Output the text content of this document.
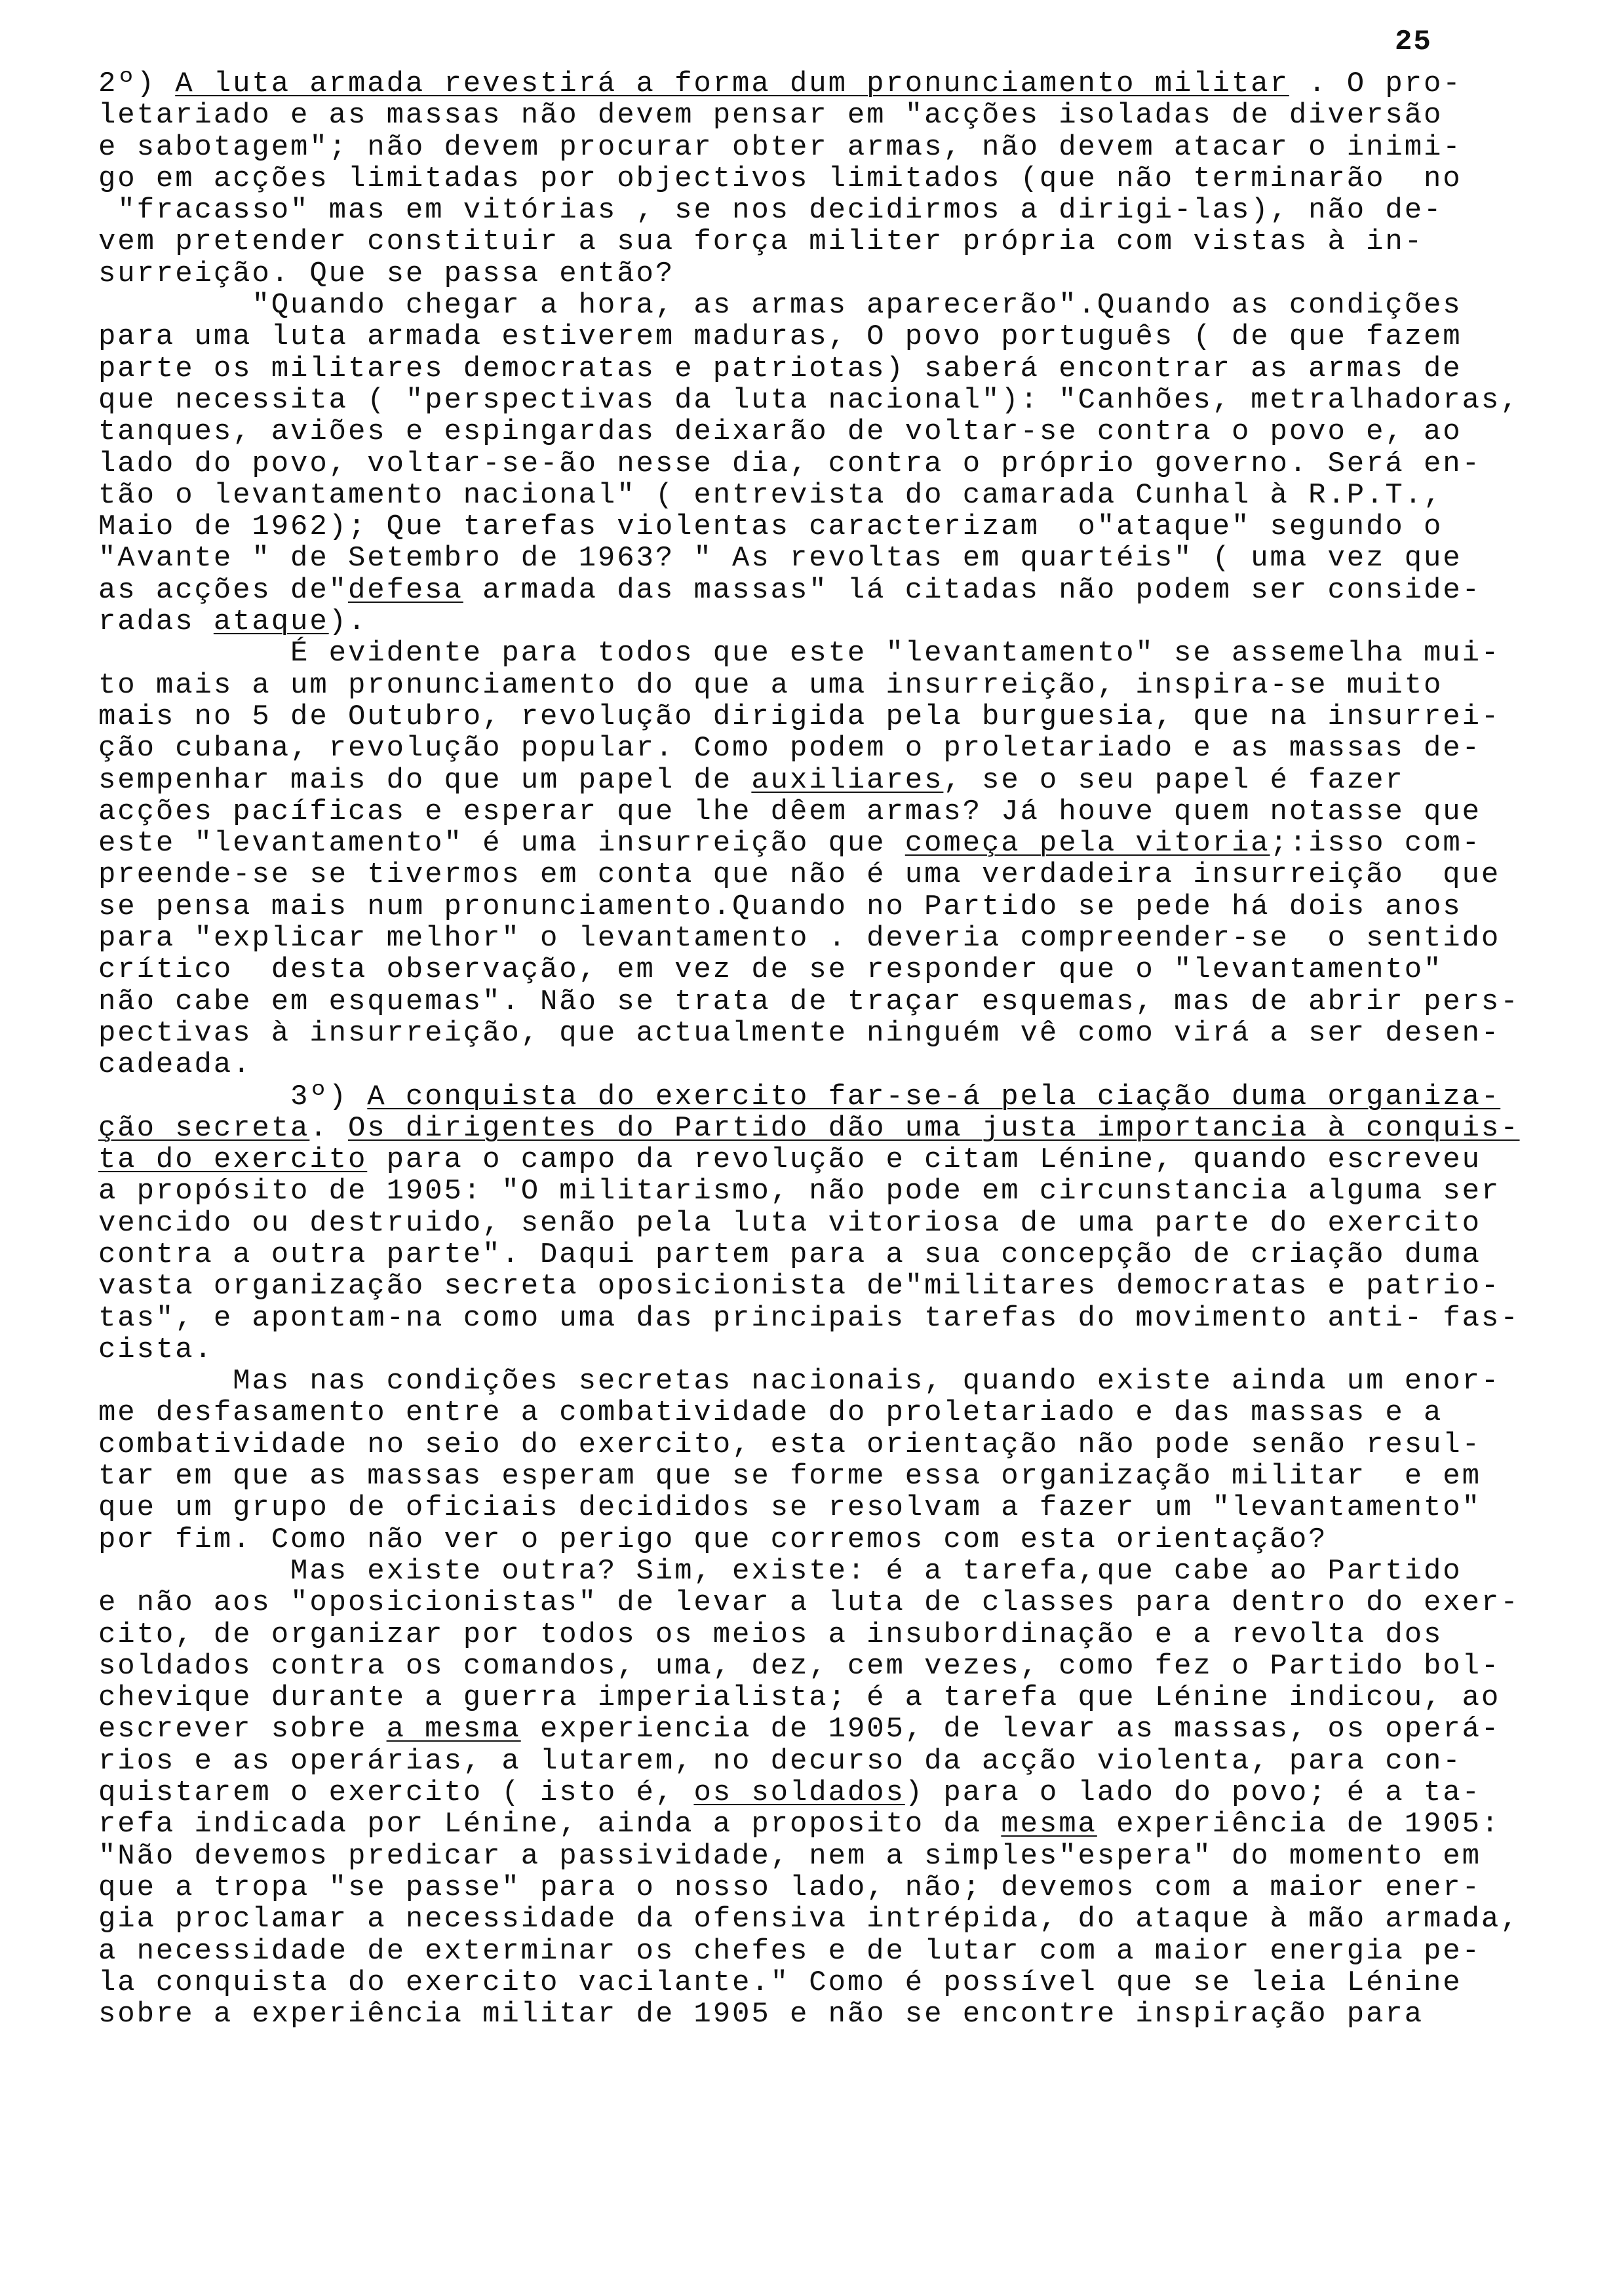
25
2º) A luta armada revestirá a forma dum pronunciamento militar . O pro-
letariado e as massas não devem pensar em "acções isoladas de diversão
e sabotagem"; não devem procurar obter armas, não devem atacar o inimi-
go em acções limitadas por objectivos limitados (que não terminarão  no
"fracasso" mas em vitórias , se nos decidirmos a dirigi-las), não de-
vem pretender constituir a sua força militer própria com vistas à in-
surreição. Que se passa então?
"Quando chegar a hora, as armas aparecerão".Quando as condições
para uma luta armada estiverem maduras, O povo português ( de que fazem
parte os militares democratas e patriotas) saberá encontrar as armas de
que necessita ( "perspectivas da luta nacional"): "Canhões, metralhadoras,
tanques, aviões e espingardas deixarão de voltar-se contra o povo e, ao
lado do povo, voltar-se-ão nesse dia, contra o próprio governo. Será en-
tão o levantamento nacional" ( entrevista do camarada Cunhal à R.P.T.,
Maio de 1962); Que tarefas violentas caracterizam  o"ataque" segundo o
"Avante " de Setembro de 1963? " As revoltas em quartéis" ( uma vez que
as acções de"defesa armada das massas" lá citadas não podem ser conside-
radas ataque).
É evidente para todos que este "levantamento" se assemelha mui-
to mais a um pronunciamento do que a uma insurreição, inspira-se muito
mais no 5 de Outubro, revolução dirigida pela burguesia, que na insurrei-
ção cubana, revolução popular. Como podem o proletariado e as massas de-
sempenhar mais do que um papel de auxiliares, se o seu papel é fazer
acções pacíficas e esperar que lhe dêem armas? Já houve quem notasse que
este "levantamento" é uma insurreição que começa pela vitoria;:isso com-
preende-se se tivermos em conta que não é uma verdadeira insurreição  que
se pensa mais num pronunciamento.Quando no Partido se pede há dois anos
para "explicar melhor" o levantamento . deveria compreender-se  o sentido
crítico  desta observação, em vez de se responder que o "levantamento"
não cabe em esquemas". Não se trata de traçar esquemas, mas de abrir pers-
pectivas à insurreição, que actualmente ninguém vê como virá a ser desen-
cadeada.
3º) A conquista do exercito far-se-á pela ciação duma organiza-
ção secreta. Os dirigentes do Partido dão uma justa importancia à conquis-
ta do exercito para o campo da revolução e citam Lénine, quando escreveu
a propósito de 1905: "O militarismo, não pode em circunstancia alguma ser
vencido ou destruido, senão pela luta vitoriosa de uma parte do exercito
contra a outra parte". Daqui partem para a sua concepção de criação duma
vasta organização secreta oposicionista de"militares democratas e patrio-
tas", e apontam-na como uma das principais tarefas do movimento anti- fas-
cista.
Mas nas condições secretas nacionais, quando existe ainda um enor-
me desfasamento entre a combatividade do proletariado e das massas e a
combatividade no seio do exercito, esta orientação não pode senão resul-
tar em que as massas esperam que se forme essa organização militar  e em
que um grupo de oficiais decididos se resolvam a fazer um "levantamento"
por fim. Como não ver o perigo que corremos com esta orientação?
Mas existe outra? Sim, existe: é a tarefa,que cabe ao Partido
e não aos "oposicionistas" de levar a luta de classes para dentro do exer-
cito, de organizar por todos os meios a insubordinação e a revolta dos
soldados contra os comandos, uma, dez, cem vezes, como fez o Partido bol-
chevique durante a guerra imperialista; é a tarefa que Lénine indicou, ao
escrever sobre a mesma experiencia de 1905, de levar as massas, os operá-
rios e as operárias, a lutarem, no decurso da acção violenta, para con-
quistarem o exercito ( isto é, os soldados) para o lado do povo; é a ta-
refa indicada por Lénine, ainda a proposito da mesma experiência de 1905:
"Não devemos predicar a passividade, nem a simples"espera" do momento em
que a tropa "se passe" para o nosso lado, não; devemos com a maior ener-
gia proclamar a necessidade da ofensiva intrépida, do ataque à mão armada,
a necessidade de exterminar os chefes e de lutar com a maior energia pe-
la conquista do exercito vacilante." Como é possível que se leia Lénine
sobre a experiência militar de 1905 e não se encontre inspiração para
